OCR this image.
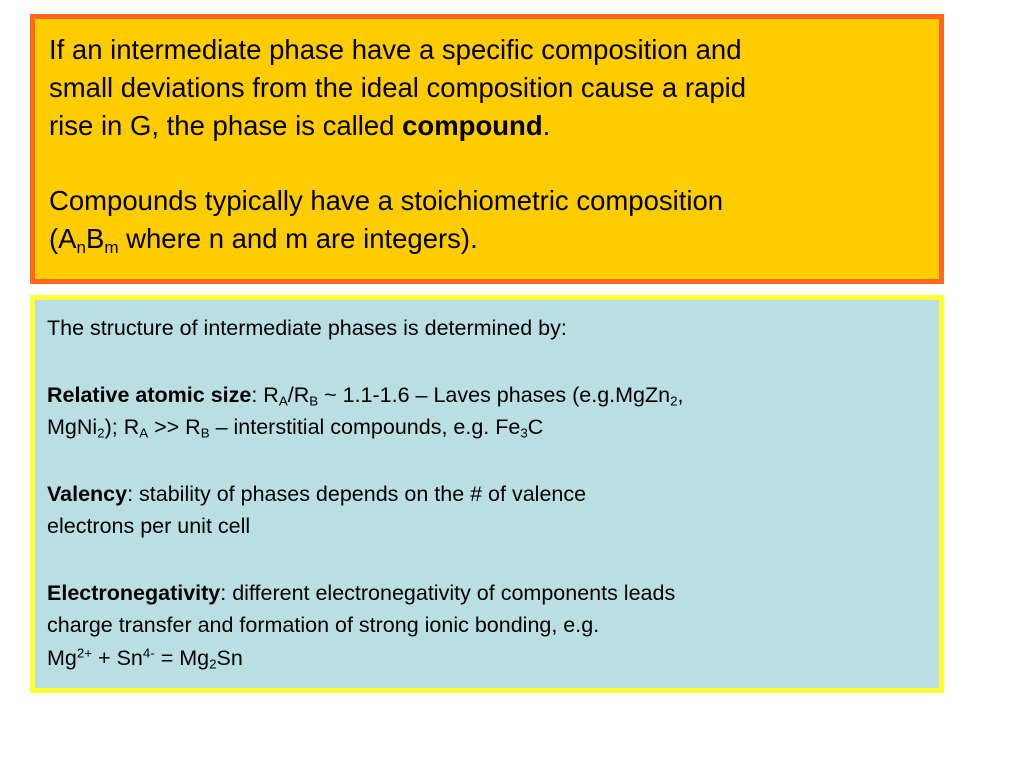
If an intermediate phase have a specific composition and

small deviations from the ideal composition cause a rapid

rise in G, the phase is called compound.

Compounds typically have a stoichiometric composition

($A_nB_m$ where n and m are integers).

The structure of intermediate phases is determined by:

Relative atomic size: $R_A/R_B$ ~ 1.1-1.6 – Laves phases (e.g.MgZn$_2$,

MgNi$_2$); $R_A >> R_B$ – interstitial compounds, e.g. $Fe_3C$

Valency: stability of phases depends on the # of valence

electrons per unit cell

Electronegativity: different electronegativity of components leads

charge transfer and formation of strong ionic bonding, e.g.

$Mg^{2+} + Sn^{4-} = Mg_2Sn$
